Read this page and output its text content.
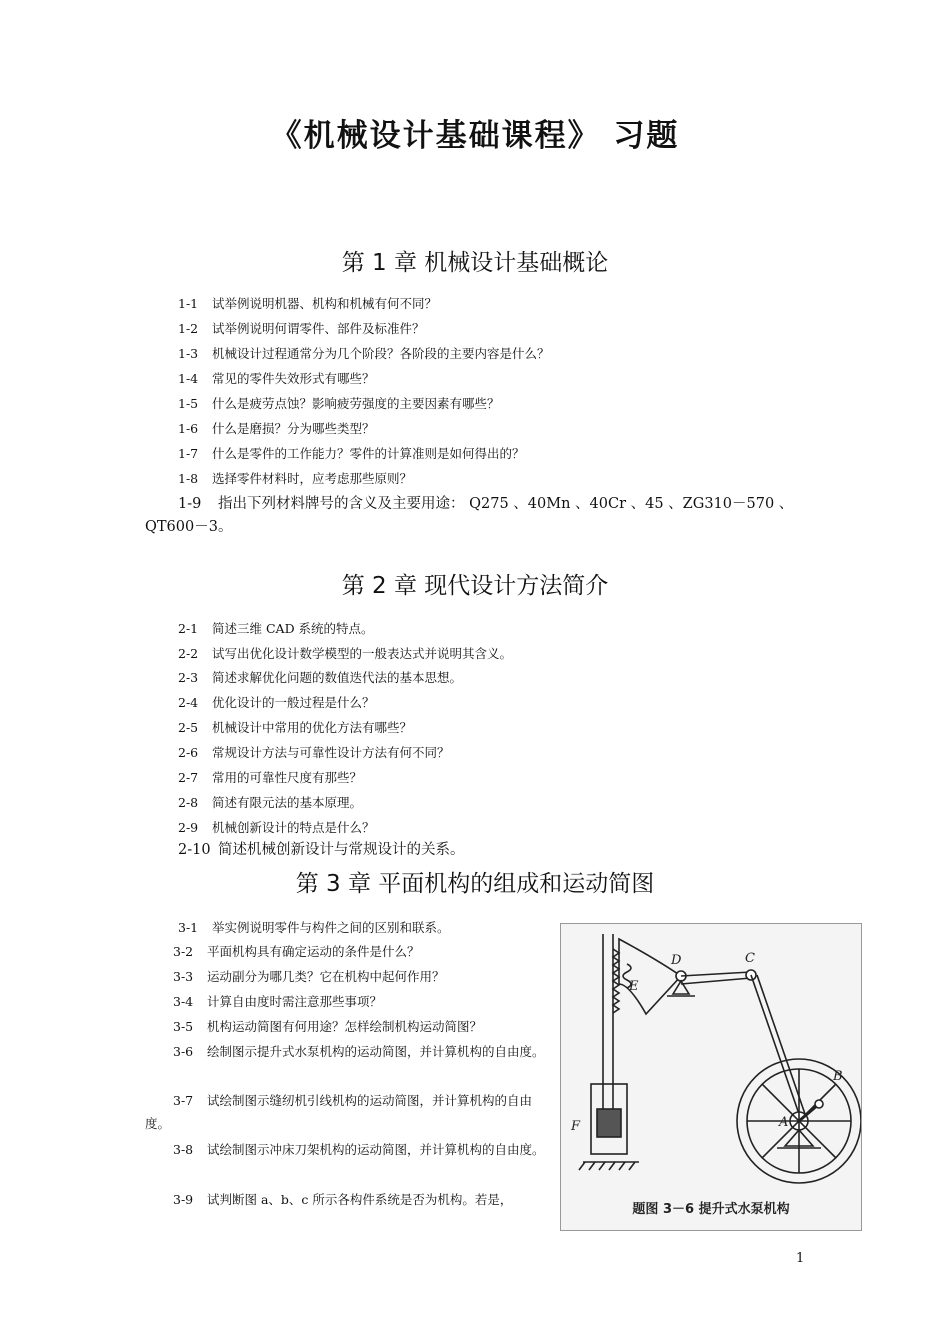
《机械设计基础课程》 习题
第 1 章 机械设计基础概论
1-1 试举例说明机器、机构和机械有何不同？
1-2 试举例说明何谓零件、部件及标准件？
1-3 机械设计过程通常分为几个阶段？各阶段的主要内容是什么？
1-4 常见的零件失效形式有哪些？
1-5 什么是疲劳点蚀？影响疲劳强度的主要因素有哪些？
1-6 什么是磨损？分为哪些类型？
1-7 什么是零件的工作能力？零件的计算准则是如何得出的？
1-8 选择零件材料时，应考虑那些原则？
1-9 指出下列材料牌号的含义及主要用途： Q275 、40Mn 、40Cr 、45 、ZG310－570 、QT600－3。
第 2 章 现代设计方法简介
2-1 简述三维 CAD 系统的特点。
2-2 试写出优化设计数学模型的一般表达式并说明其含义。
2-3 简述求解优化问题的数值迭代法的基本思想。
2-4 优化设计的一般过程是什么？
2-5 机械设计中常用的优化方法有哪些？
2-6 常规设计方法与可靠性设计方法有何不同？
2-7 常用的可靠性尺度有那些？
2-8 简述有限元法的基本原理。
2-9 机械创新设计的特点是什么？
2-10 简述机械创新设计与常规设计的关系。
第 3 章 平面机构的组成和运动简图
3-1 举实例说明零件与构件之间的区别和联系。
3-2 平面机构具有确定运动的条件是什么？
3-3 运动副分为哪几类？它在机构中起何作用？
3-4 计算自由度时需注意那些事项？
3-5 机构运动简图有何用途？怎样绘制机构运动简图？
3-6 绘制图示提升式水泵机构的运动简图，并计算机构的自由度。
3-7 试绘制图示缝纫机引线机构的运动简图，并计算机构的自由度。
3-8 试绘制图示冲床刀架机构的运动简图，并计算机构的自由度。
3-9 试判断图 a、b、c 所示各构件系统是否为机构。若是，
D	C
E
B
A
F
题图 3－6 提升式水泵机构
1
